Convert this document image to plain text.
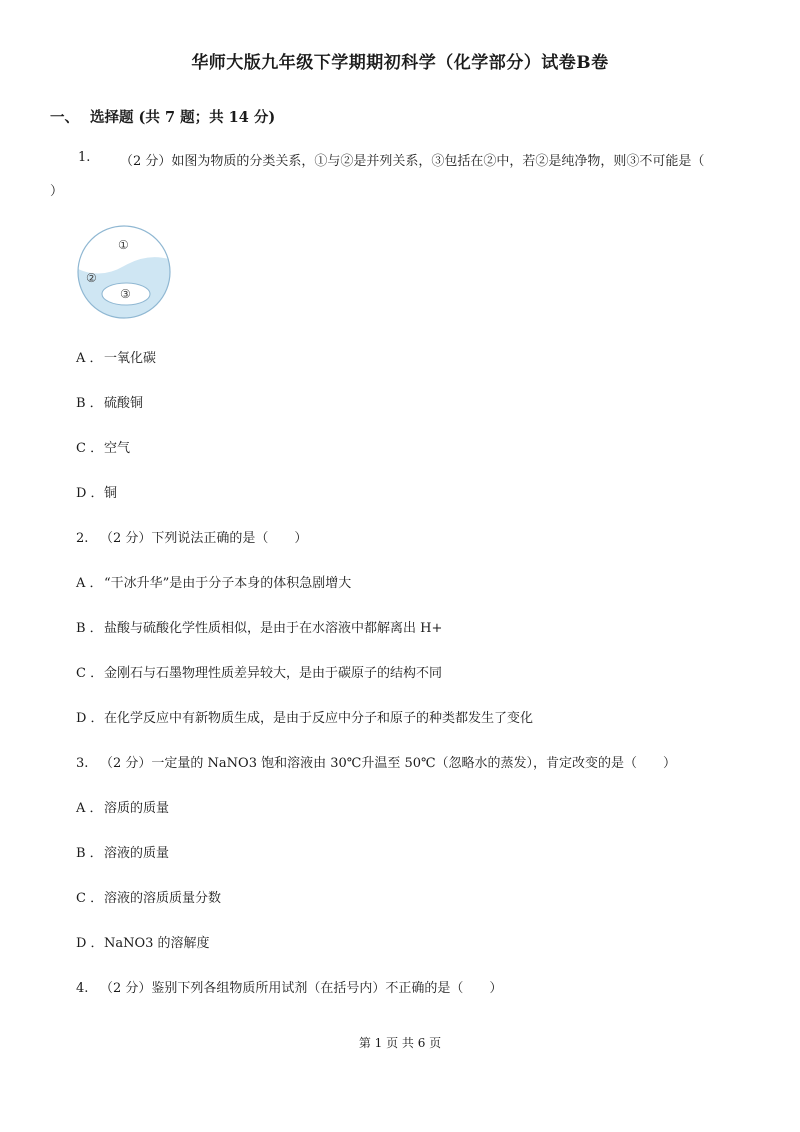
华师大版九年级下学期期初科学（化学部分）试卷B卷
一、 选择题 (共 7 题；共 14 分)
1. （2 分）如图为物质的分类关系，①与②是并列关系，③包括在②中，若②是纯净物，则③不可能是（
）
①
②
③
A ．一氧化碳
B ．硫酸铜
C ．空气
D ．铜
2. （2 分）下列说法正确的是（　　）
A ．“干冰升华”是由于分子本身的体积急剧增大
B ．盐酸与硫酸化学性质相似，是由于在水溶液中都解离出 H+
C ．金刚石与石墨物理性质差异较大，是由于碳原子的结构不同
D ．在化学反应中有新物质生成，是由于反应中分子和原子的种类都发生了变化
3. （2 分）一定量的 NaNO3 饱和溶液由 30℃升温至 50℃（忽略水的蒸发），肯定改变的是（　　）
A ．溶质的质量
B ．溶液的质量
C ．溶液的溶质质量分数
D ．NaNO3 的溶解度
4. （2 分）鉴别下列各组物质所用试剂（在括号内）不正确的是（　　）
第 1 页 共 6 页
